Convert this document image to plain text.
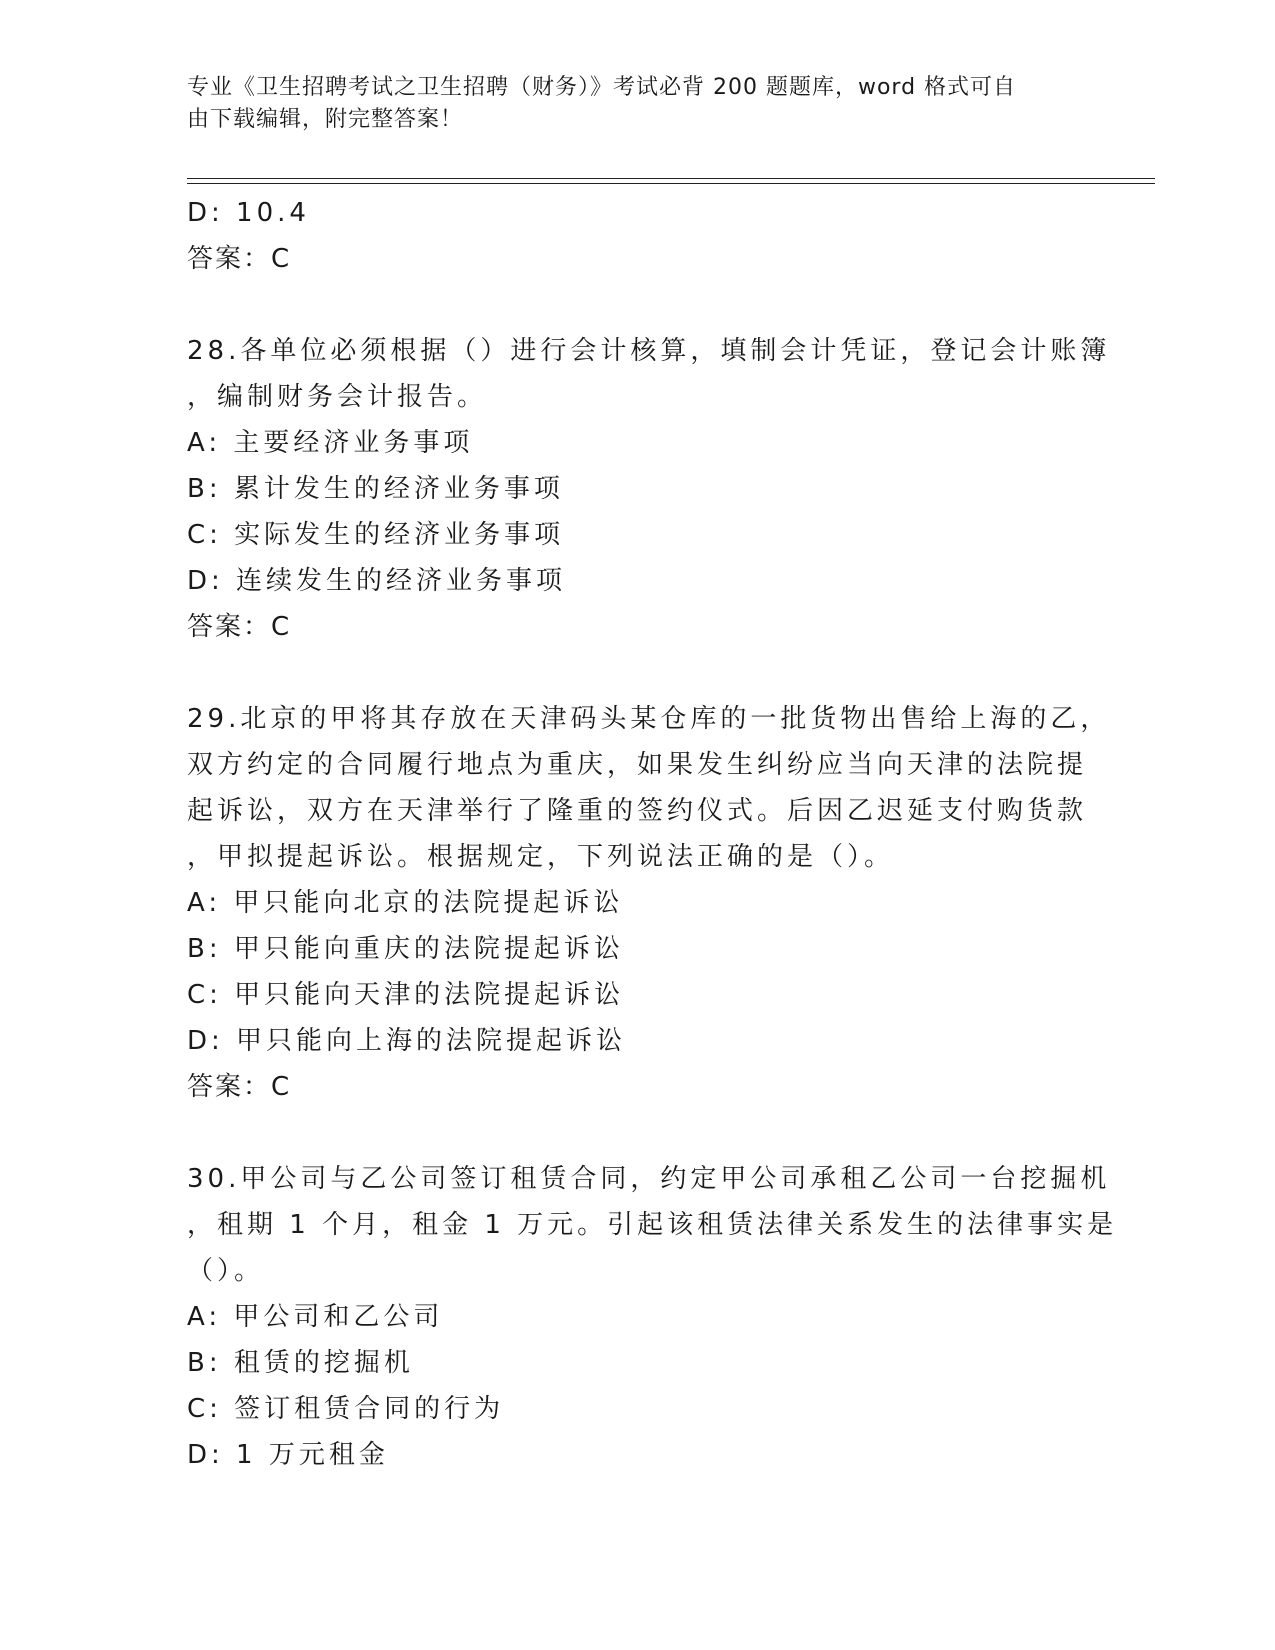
专业《卫生招聘考试之卫生招聘（财务）》考试必背 200 题题库，word 格式可自
由下载编辑，附完整答案！
D: 10.4
答案：C
28.各单位必须根据（）进行会计核算，填制会计凭证，登记会计账簿
，编制财务会计报告。
A: 主要经济业务事项
B: 累计发生的经济业务事项
C: 实际发生的经济业务事项
D: 连续发生的经济业务事项
答案：C
29.北京的甲将其存放在天津码头某仓库的一批货物出售给上海的乙，
双方约定的合同履行地点为重庆，如果发生纠纷应当向天津的法院提
起诉讼，双方在天津举行了隆重的签约仪式。后因乙迟延支付购货款
，甲拟提起诉讼。根据规定，下列说法正确的是（）。
A: 甲只能向北京的法院提起诉讼
B: 甲只能向重庆的法院提起诉讼
C: 甲只能向天津的法院提起诉讼
D: 甲只能向上海的法院提起诉讼
答案：C
30.甲公司与乙公司签订租赁合同，约定甲公司承租乙公司一台挖掘机
，租期 1 个月，租金 1 万元。引起该租赁法律关系发生的法律事实是
（）。
A: 甲公司和乙公司
B: 租赁的挖掘机
C: 签订租赁合同的行为
D: 1 万元租金
